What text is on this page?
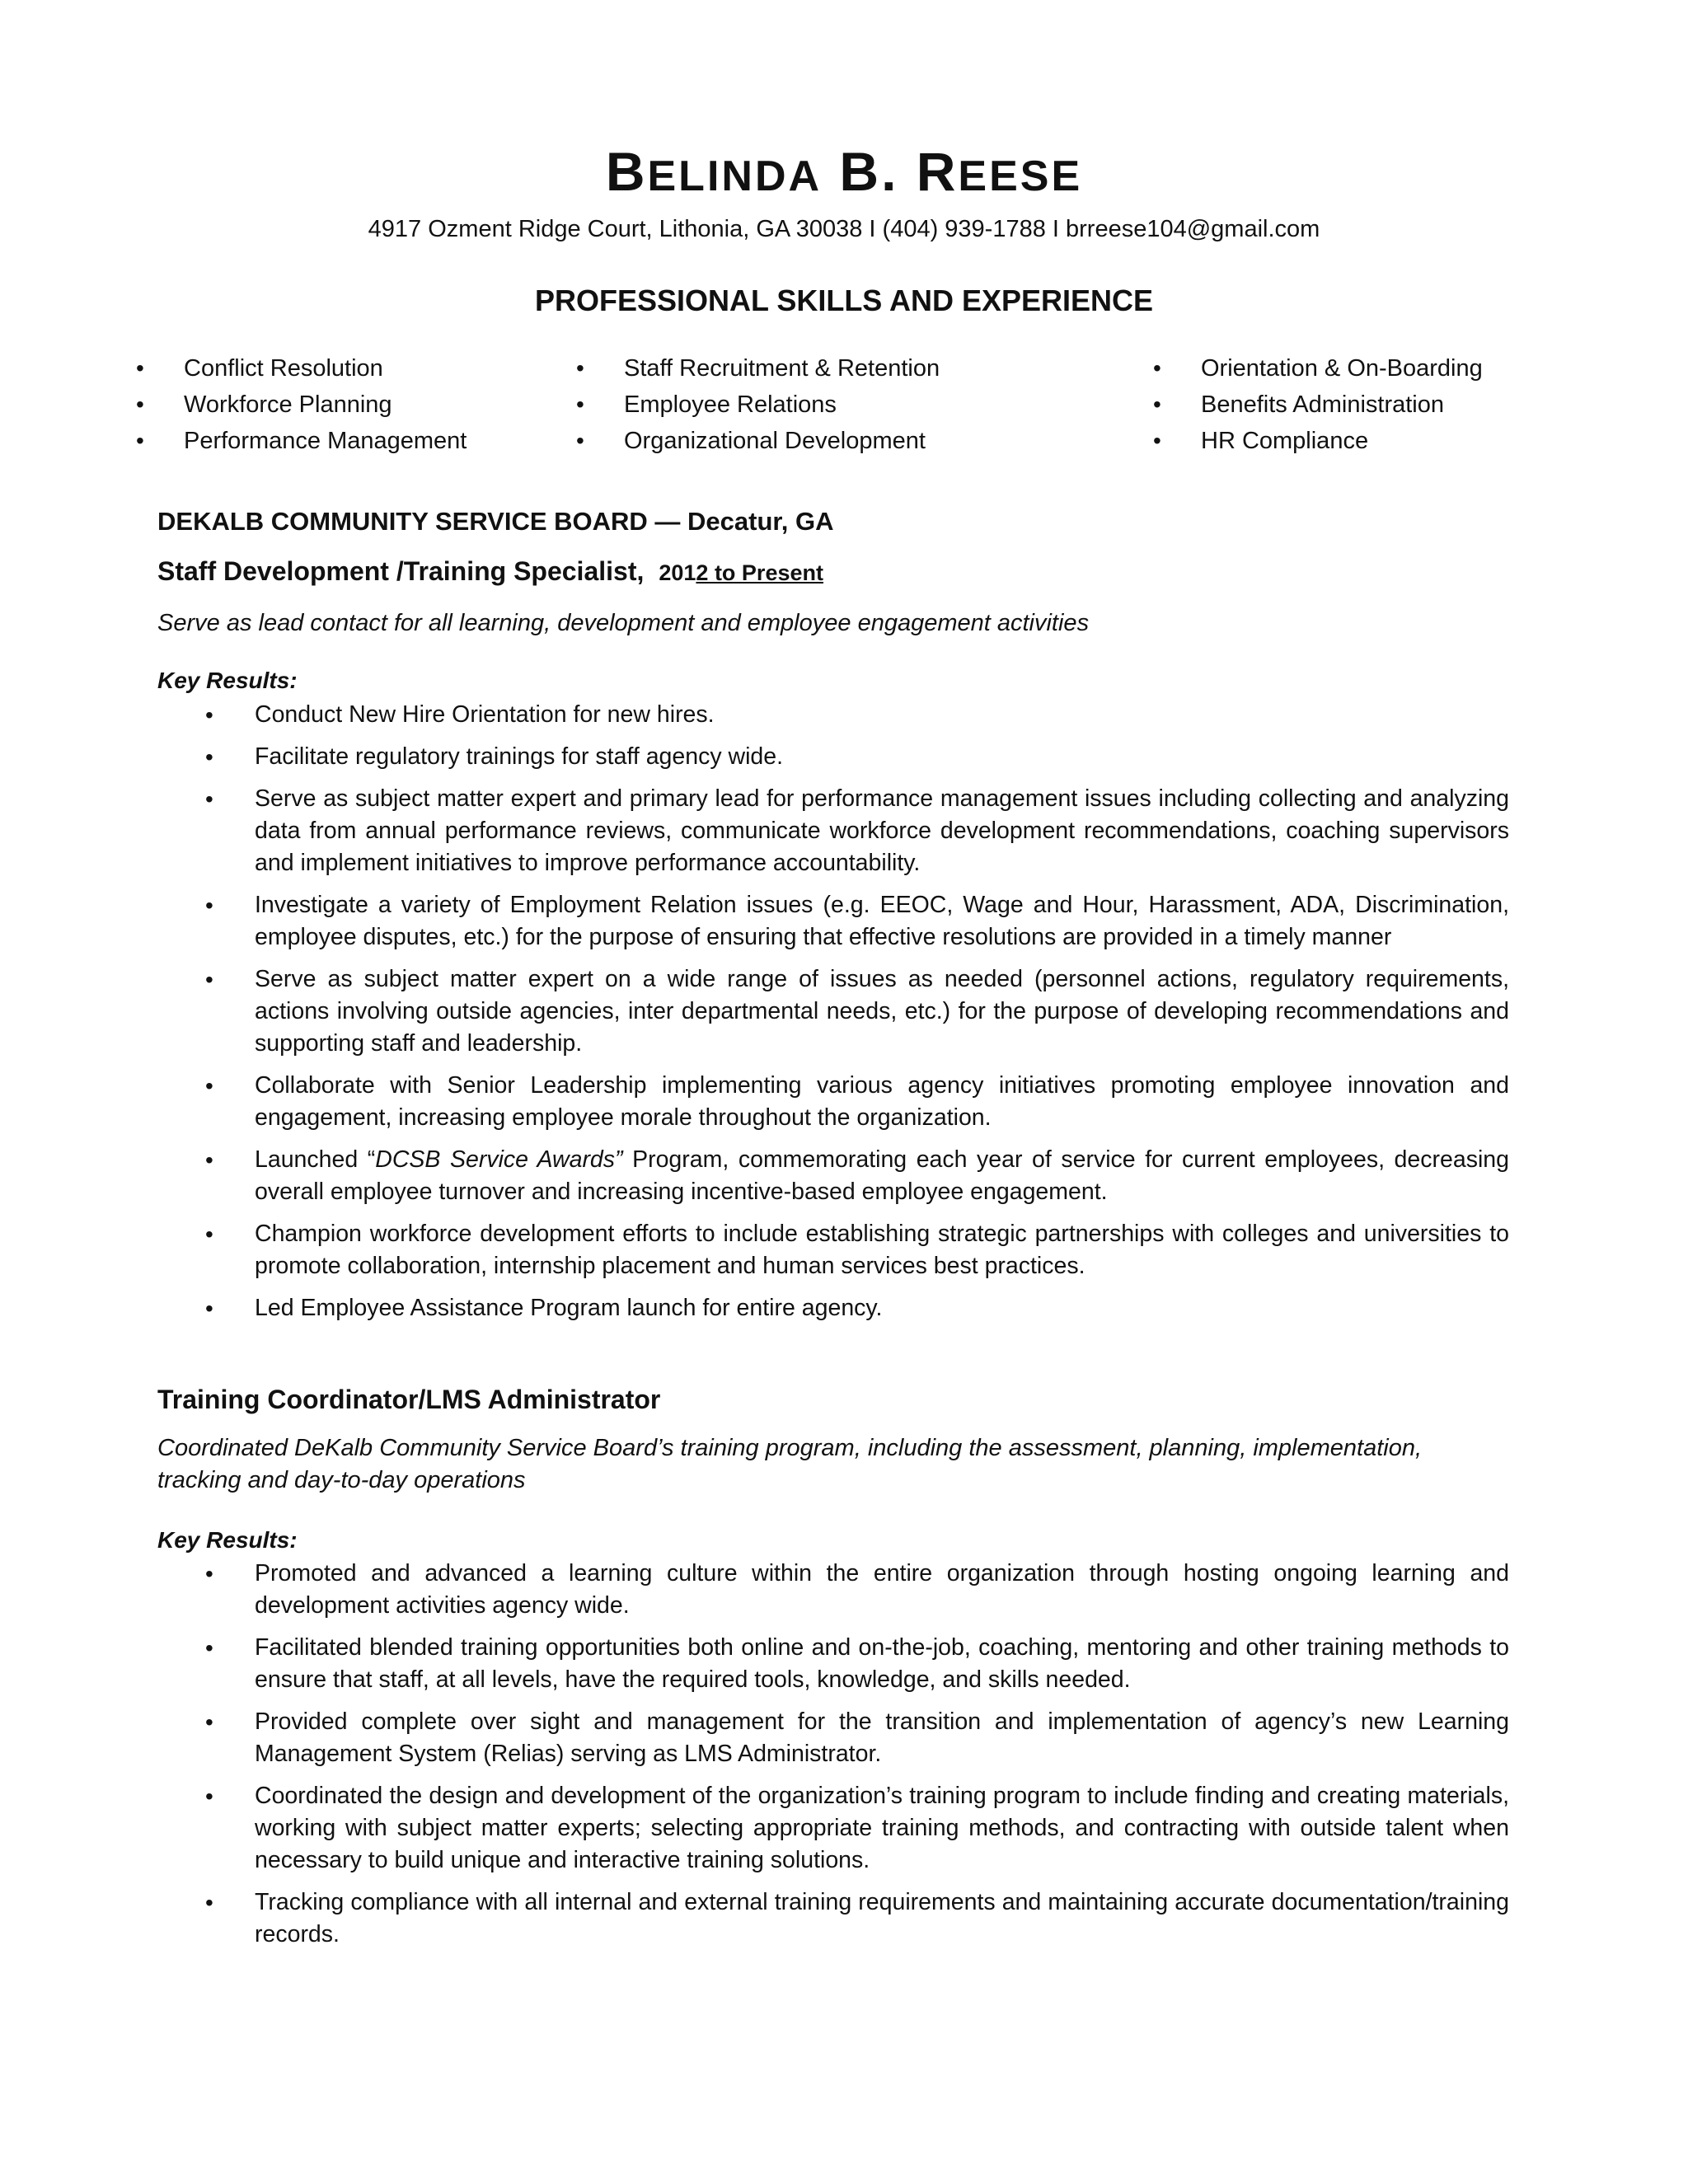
BELINDA B. REESE

4917 Ozment Ridge Court, Lithonia, GA 30038 I (404) 939-1788 I brreese104@gmail.com

PROFESSIONAL SKILLS AND EXPERIENCE
• Conflict Resolution
• Workforce Planning
• Performance Management
• Staff Recruitment & Retention
• Employee Relations
• Organizational Development
• Orientation & On-Boarding
• Benefits Administration
• HR Compliance

DEKALB COMMUNITY SERVICE BOARD — Decatur, GA

Staff Development /Training Specialist, 2012 to Present

Serve as lead contact for all learning, development and employee engagement activities

Key Results:

• Conduct New Hire Orientation for new hires.
• Facilitate regulatory trainings for staff agency wide.
• Serve as subject matter expert and primary lead for performance management issues including collecting and analyzing data from annual performance reviews, communicate workforce development recommendations, coaching supervisors and implement initiatives to improve performance accountability.
• Investigate a variety of Employment Relation issues (e.g. EEOC, Wage and Hour, Harassment, ADA, Discrimination, employee disputes, etc.) for the purpose of ensuring that effective resolutions are provided in a timely manner
• Serve as subject matter expert on a wide range of issues as needed (personnel actions, regulatory requirements, actions involving outside agencies, inter departmental needs, etc.) for the purpose of developing recommendations and supporting staff and leadership.
• Collaborate with Senior Leadership implementing various agency initiatives promoting employee innovation and engagement, increasing employee morale throughout the organization.
• Launched “DCSB Service Awards” Program, commemorating each year of service for current employees, decreasing overall employee turnover and increasing incentive-based employee engagement.
• Champion workforce development efforts to include establishing strategic partnerships with colleges and universities to promote collaboration, internship placement and human services best practices.
• Led Employee Assistance Program launch for entire agency.

Training Coordinator/LMS Administrator

Coordinated DeKalb Community Service Board’s training program, including the assessment, planning, implementation, tracking and day-to-day operations

Key Results:

• Promoted and advanced a learning culture within the entire organization through hosting ongoing learning and development activities agency wide.
• Facilitated blended training opportunities both online and on-the-job, coaching, mentoring and other training methods to ensure that staff, at all levels, have the required tools, knowledge, and skills needed.
• Provided complete over sight and management for the transition and implementation of agency’s new Learning Management System (Relias) serving as LMS Administrator.
• Coordinated the design and development of the organization’s training program to include finding and creating materials, working with subject matter experts; selecting appropriate training methods, and contracting with outside talent when necessary to build unique and interactive training solutions.
• Tracking compliance with all internal and external training requirements and maintaining accurate documentation/training records.
